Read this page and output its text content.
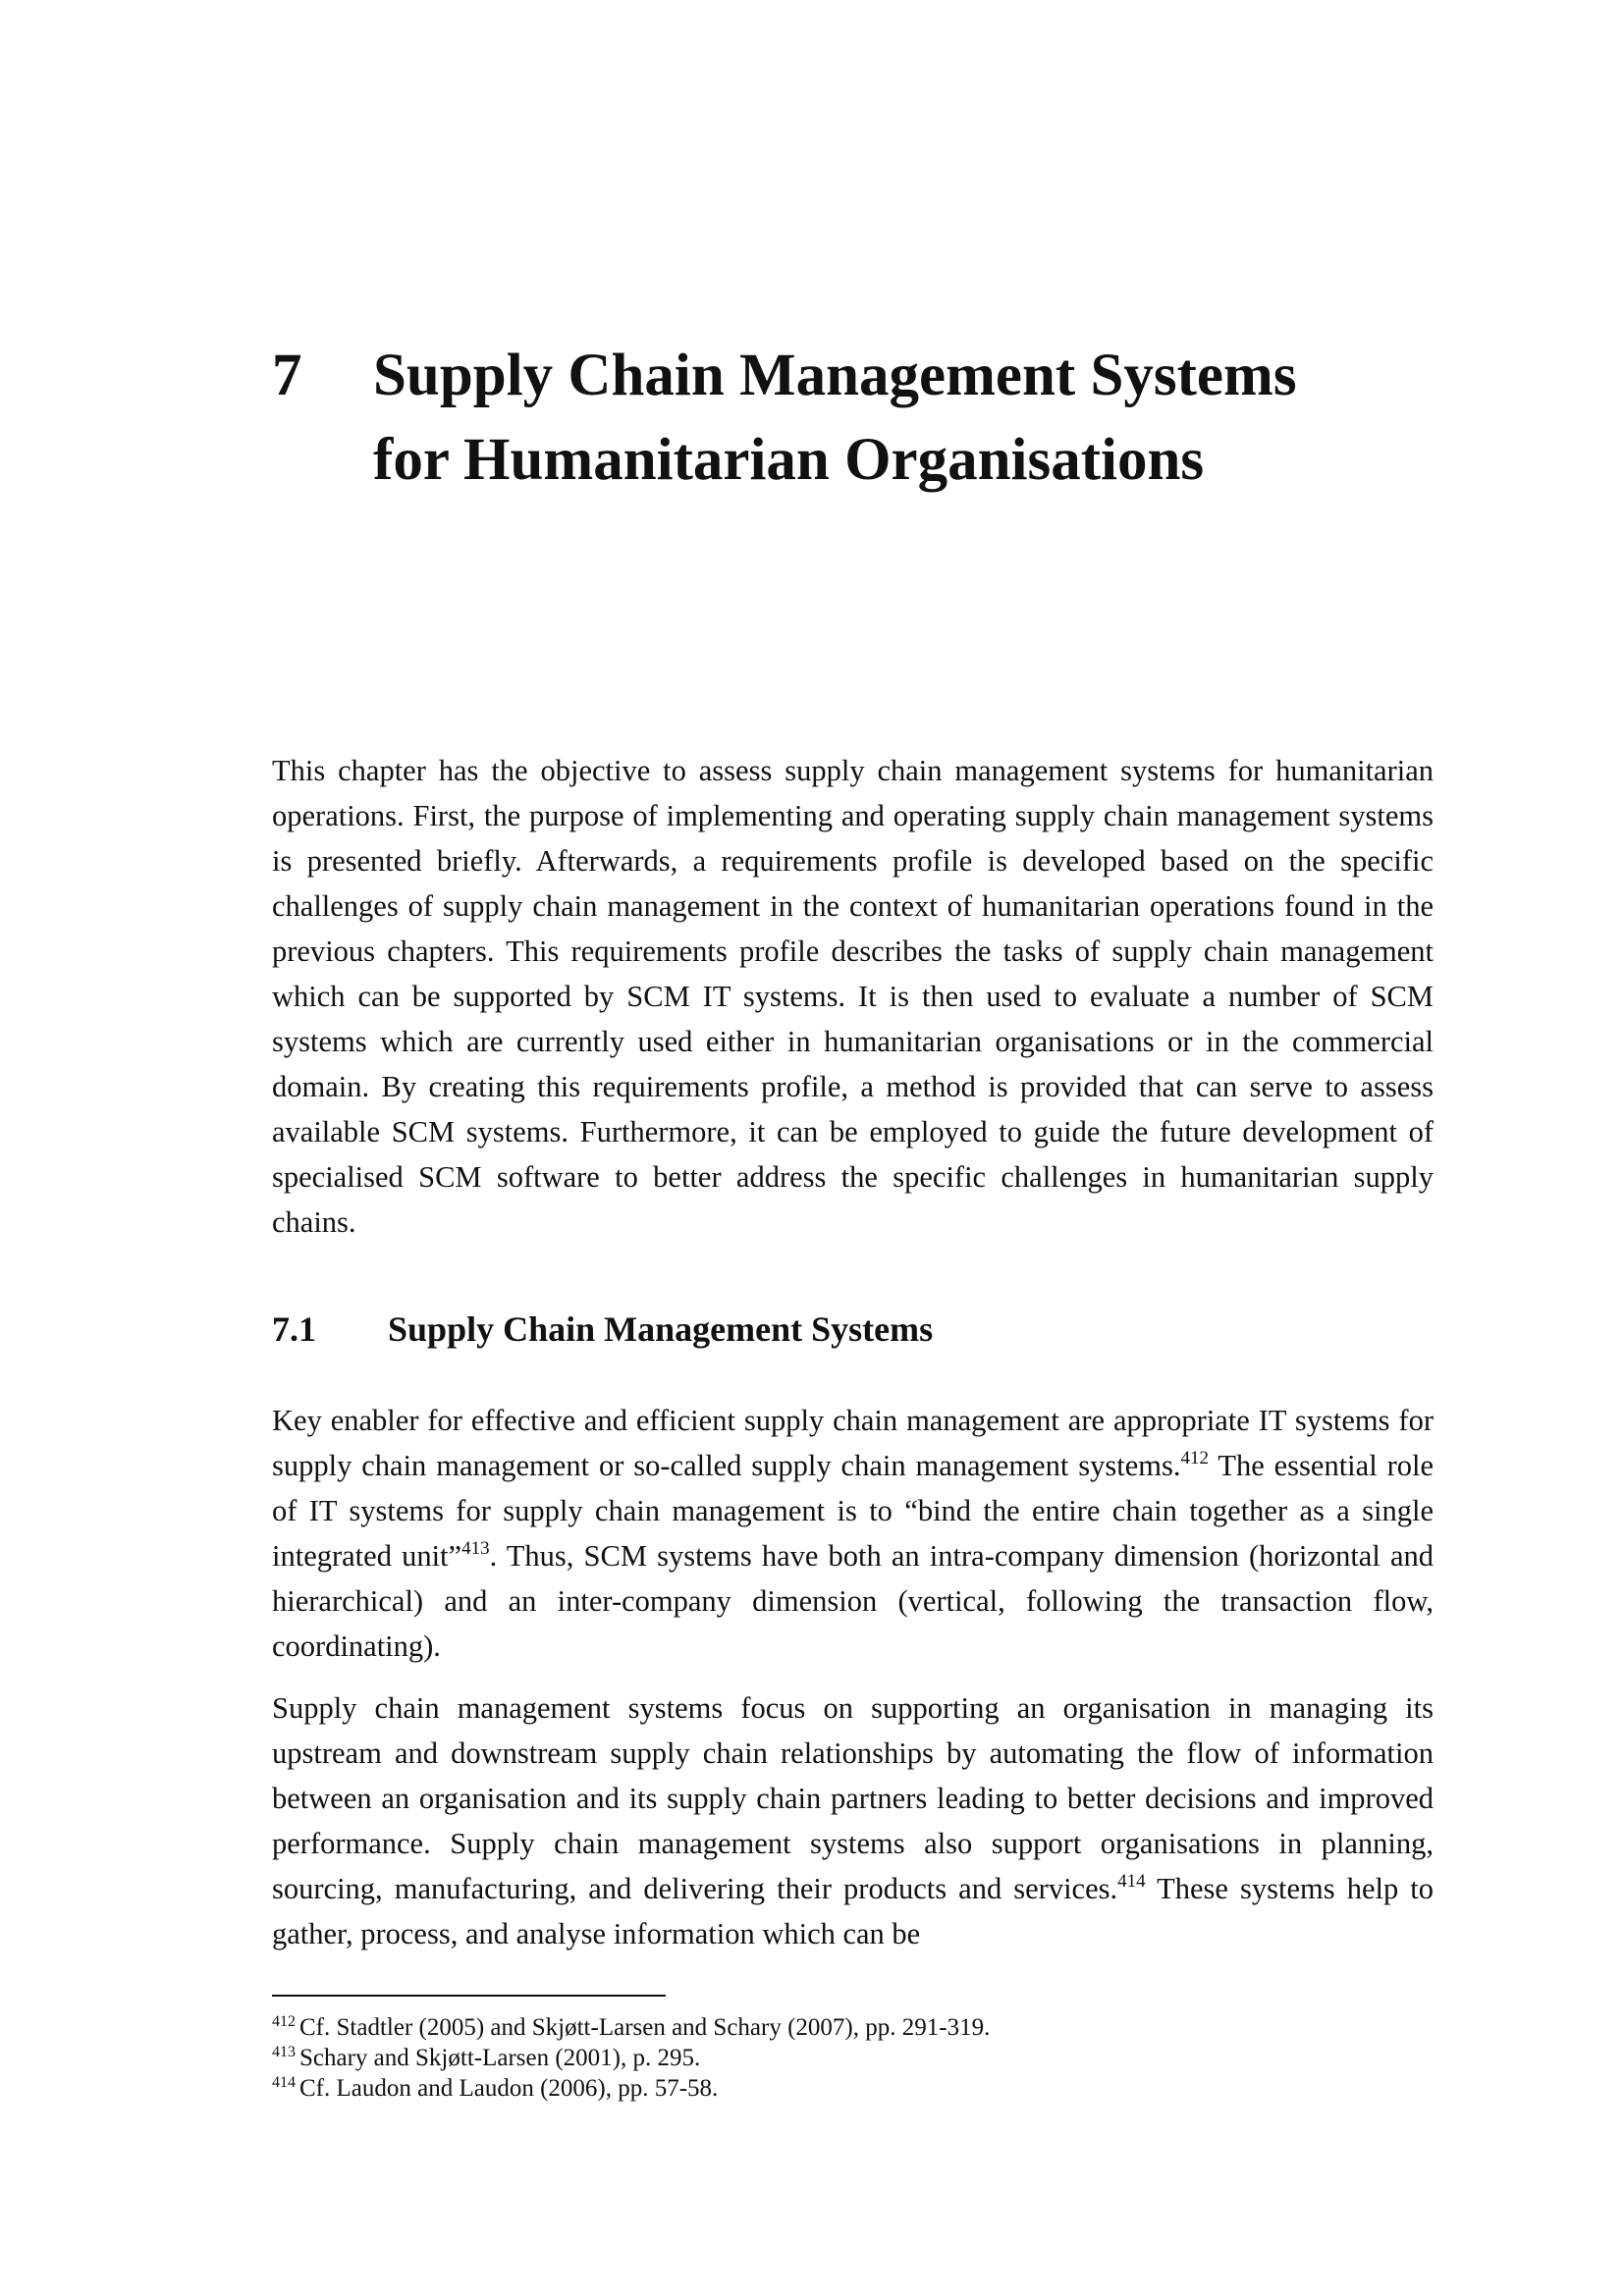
7 Supply Chain Management Systems
for Humanitarian Organisations

This chapter has the objective to assess supply chain management systems for humanitarian operations. First, the purpose of implementing and operating supply chain management systems is presented briefly. Afterwards, a requirements profile is developed based on the specific challenges of supply chain management in the context of humanitarian operations found in the previous chapters. This requirements profile describes the tasks of supply chain management which can be supported by SCM IT systems. It is then used to evaluate a number of SCM systems which are currently used either in humanitarian organisations or in the commercial domain. By creating this requirements profile, a method is provided that can serve to assess available SCM systems. Furthermore, it can be employed to guide the future development of specialised SCM software to better address the specific challenges in humanitarian supply chains.

7.1 Supply Chain Management Systems

Key enabler for effective and efficient supply chain management are appropriate IT systems for supply chain management or so-called supply chain management systems.$^{412}$ The essential role of IT systems for supply chain management is to “bind the entire chain together as a single integrated unit”$^{413}$. Thus, SCM systems have both an intra-company dimension (horizontal and hierarchical) and an inter-company dimension (vertical, following the transaction flow, coordinating).

Supply chain management systems focus on supporting an organisation in managing its upstream and downstream supply chain relationships by automating the flow of information between an organisation and its supply chain partners leading to better decisions and improved performance. Supply chain management systems also support organisations in planning, sourcing, manufacturing, and delivering their products and services.$^{414}$ These systems help to gather, process, and analyse information which can be

$^{412}$ Cf. Stadtler (2005) and Skjøtt-Larsen and Schary (2007), pp. 291-319.
$^{413}$ Schary and Skjøtt-Larsen (2001), p. 295.
$^{414}$ Cf. Laudon and Laudon (2006), pp. 57-58.
